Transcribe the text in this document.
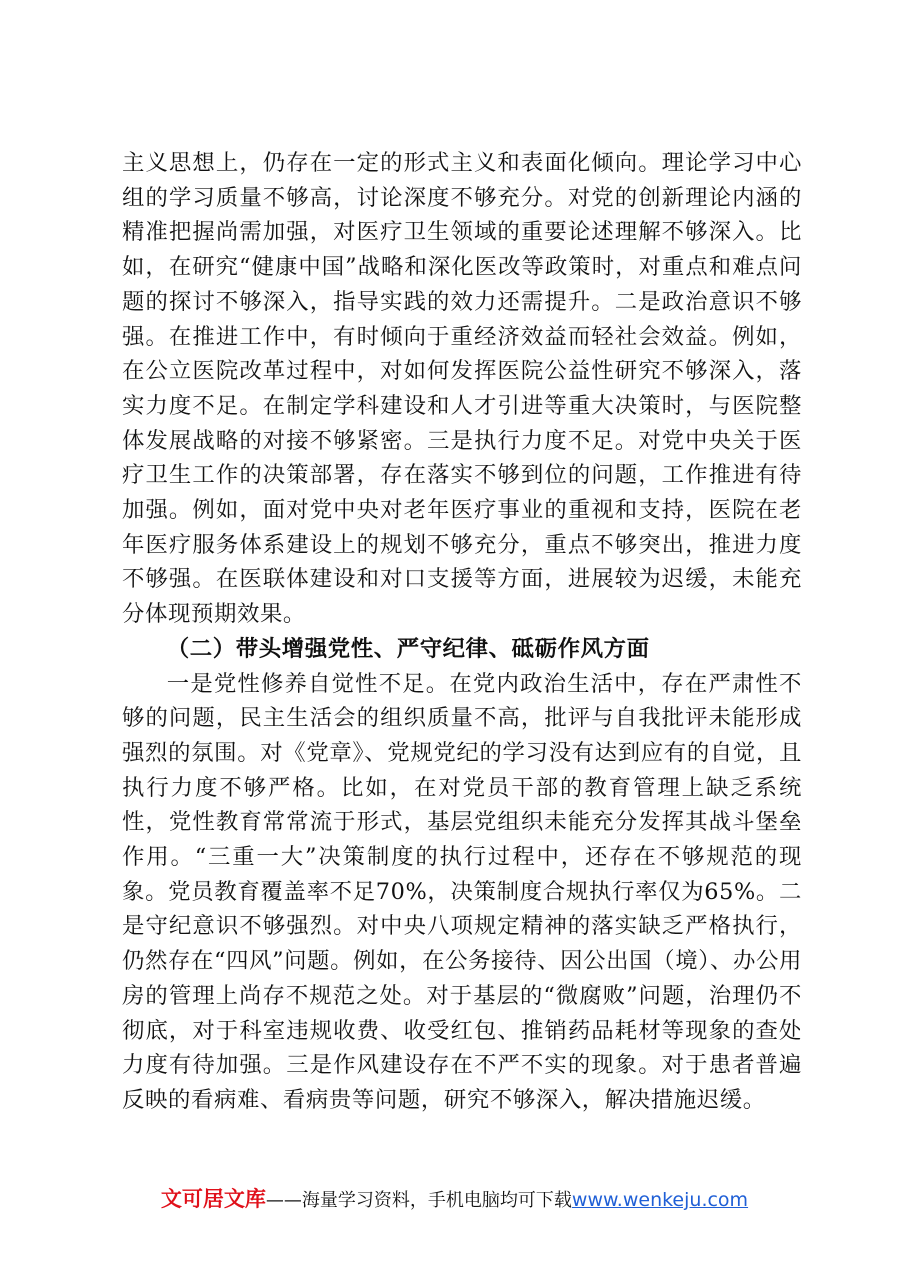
主义思想上，仍存在一定的形式主义和表面化倾向。理论学习中心组的学习质量不够高，讨论深度不够充分。对党的创新理论内涵的精准把握尚需加强，对医疗卫生领域的重要论述理解不够深入。比如，在研究“健康中国”战略和深化医改等政策时，对重点和难点问题的探讨不够深入，指导实践的效力还需提升。二是政治意识不够强。在推进工作中，有时倾向于重经济效益而轻社会效益。例如，在公立医院改革过程中，对如何发挥医院公益性研究不够深入，落实力度不足。在制定学科建设和人才引进等重大决策时，与医院整体发展战略的对接不够紧密。三是执行力度不足。对党中央关于医疗卫生工作的决策部署，存在落实不够到位的问题，工作推进有待加强。例如，面对党中央对老年医疗事业的重视和支持，医院在老年医疗服务体系建设上的规划不够充分，重点不够突出，推进力度不够强。在医联体建设和对口支援等方面，进展较为迟缓，未能充分体现预期效果。

（二）带头增强党性、严守纪律、砥砺作风方面

一是党性修养自觉性不足。在党内政治生活中，存在严肃性不够的问题，民主生活会的组织质量不高，批评与自我批评未能形成强烈的氛围。对《党章》、党规党纪的学习没有达到应有的自觉，且执行力度不够严格。比如，在对党员干部的教育管理上缺乏系统性，党性教育常常流于形式，基层党组织未能充分发挥其战斗堡垒作用。“三重一大”决策制度的执行过程中，还存在不够规范的现象。党员教育覆盖率不足70%，决策制度合规执行率仅为65%。二是守纪意识不够强烈。对中央八项规定精神的落实缺乏严格执行，仍然存在“四风”问题。例如，在公务接待、因公出国（境）、办公用房的管理上尚存不规范之处。对于基层的“微腐败”问题，治理仍不彻底，对于科室违规收费、收受红包、推销药品耗材等现象的查处力度有待加强。三是作风建设存在不严不实的现象。对于患者普遍反映的看病难、看病贵等问题，研究不够深入，解决措施迟缓。

文可居文库——海量学习资料，手机电脑均可下载www.wenkeju.com
